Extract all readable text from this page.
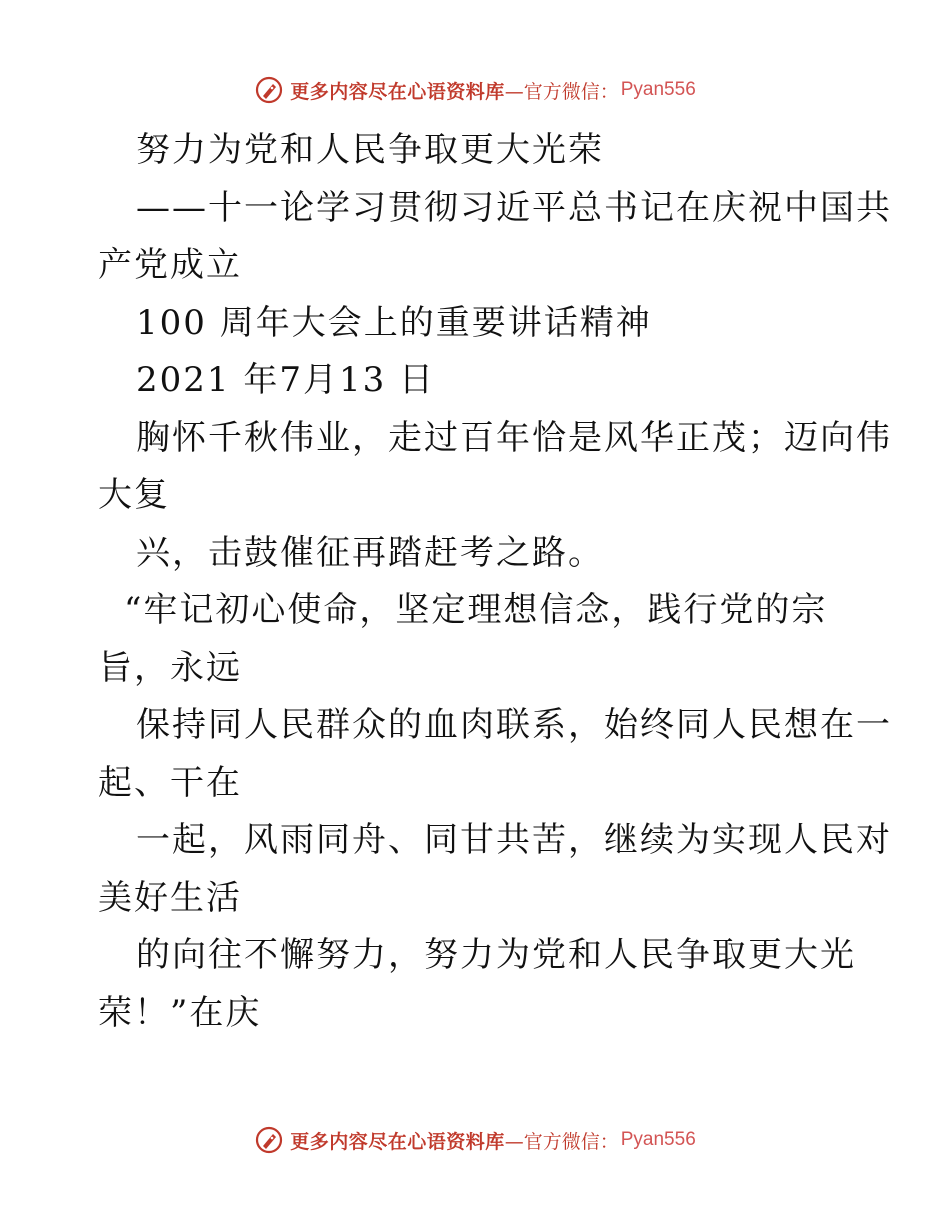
更多内容尽在心语资料库 —官方微信： Pyan556
努力为党和人民争取更大光荣
——十一论学习贯彻习近平总书记在庆祝中国共
产党成立
100 周年大会上的重要讲话精神
2021 年7月13 日
胸怀千秋伟业，走过百年恰是风华正茂；迈向伟
大复
兴，击鼓催征再踏赶考之路。
“牢记初心使命，坚定理想信念，践行党的宗
旨，永远
保持同人民群众的血肉联系，始终同人民想在一
起、干在
一起，风雨同舟、同甘共苦，继续为实现人民对
美好生活
的向往不懈努力，努力为党和人民争取更大光
荣！”在庆
更多内容尽在心语资料库 —官方微信： Pyan556
